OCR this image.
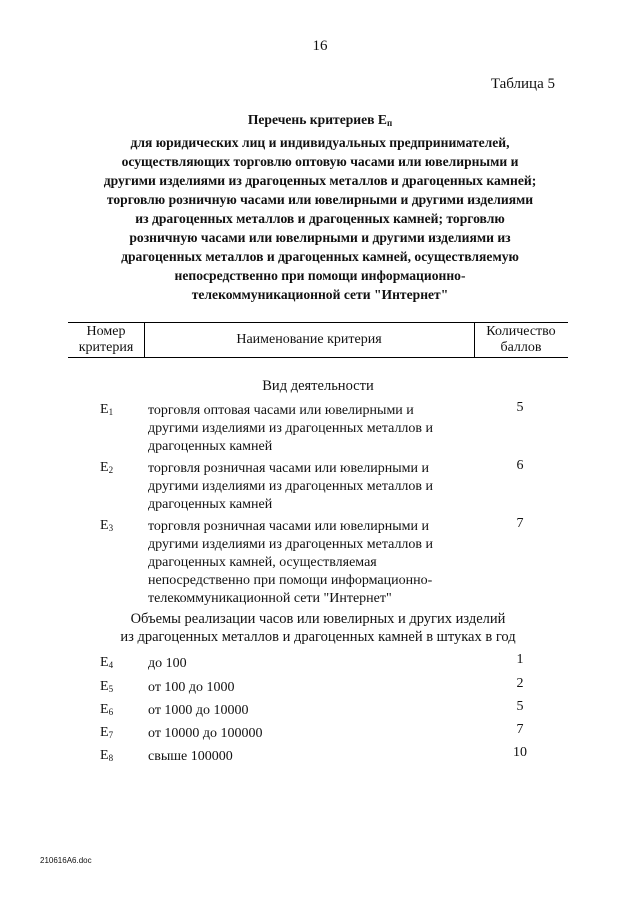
16
Таблица 5
Перечень критериев $E_п$
для юридических лиц и индивидуальных предпринимателей,
осуществляющих торговлю оптовую часами или ювелирными и
другими изделиями из драгоценных металлов и драгоценных камней;
торговлю розничную часами или ювелирными и другими изделиями
из драгоценных металлов и драгоценных камней; торговлю
розничную часами или ювелирными и другими изделиями из
драгоценных металлов и драгоценных камней, осуществляемую
непосредственно при помощи информационно-
телекоммуникационной сети "Интернет"
Номер
критерия
Наименование критерия
Количество
баллов
Вид деятельности
$E_1$	торговля оптовая часами или ювелирными и
другими изделиями из драгоценных металлов и
драгоценных камней
5
$E_2$	торговля розничная часами или ювелирными и
другими изделиями из драгоценных металлов и
драгоценных камней
6
$E_3$	торговля розничная часами или ювелирными и
другими изделиями из драгоценных металлов и
драгоценных камней, осуществляемая
непосредственно при помощи информационно-
телекоммуникационной сети "Интернет"
7
Объемы реализации часов или ювелирных и других изделий
из драгоценных металлов и драгоценных камней в штуках в год
$E_4$	до 100	1
$E_5$	от 100 до 1000	2
$E_6$	от 1000 до 10000	5
$E_7$	от 10000 до 100000	7
$E_8$	свыше 100000	10
210616A6.doc
